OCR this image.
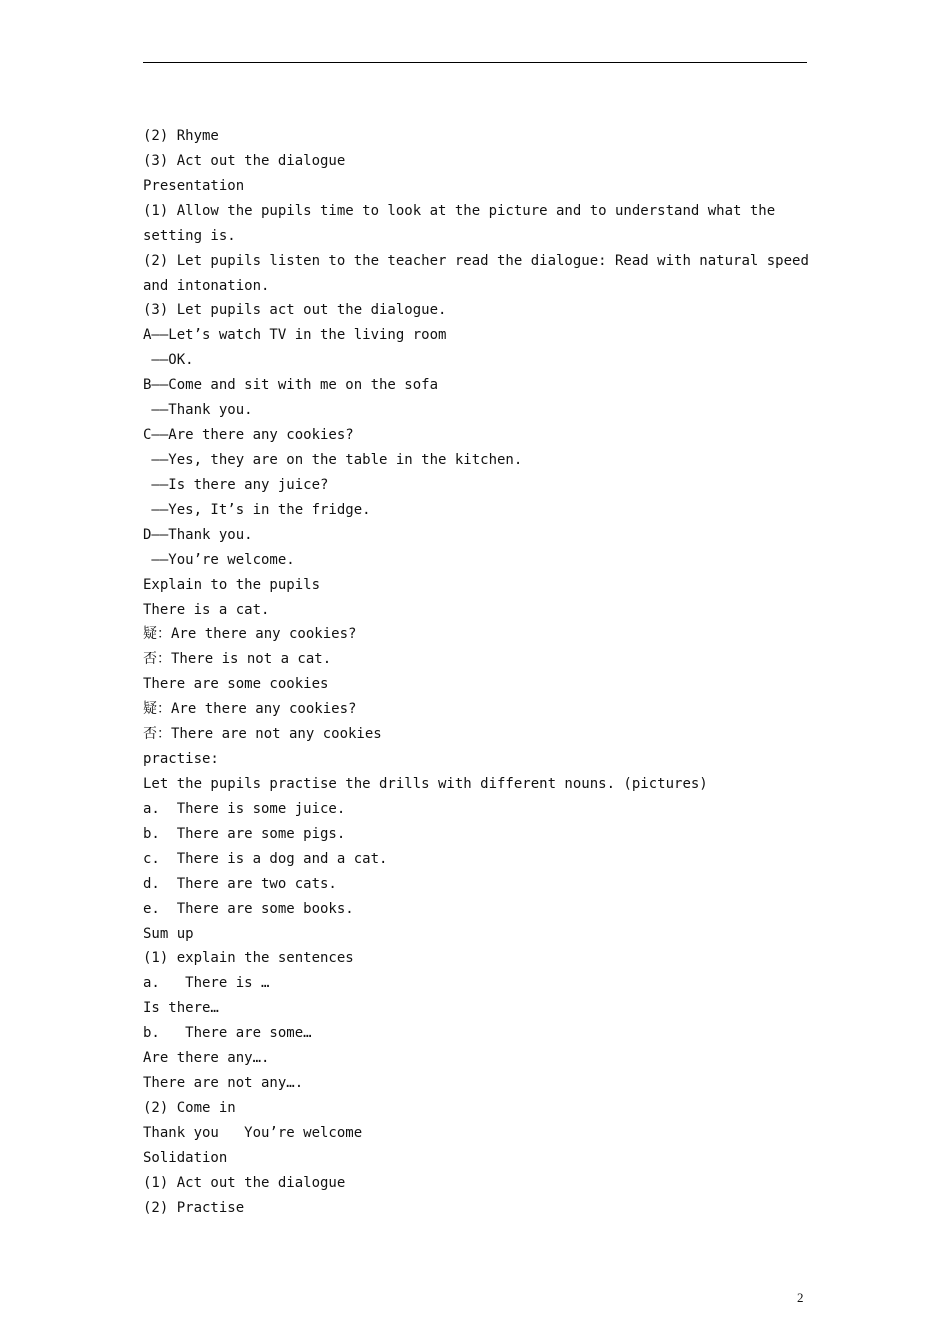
(2) Rhyme
(3) Act out the dialogue
Presentation
(1) Allow the pupils time to look at the picture and to understand what the
setting is.
(2) Let pupils listen to the teacher read the dialogue: Read with natural speed
and intonation.
(3) Let pupils act out the dialogue.
A——Let’s watch TV in the living room
——OK.
B——Come and sit with me on the sofa
——Thank you.
C——Are there any cookies?
——Yes, they are on the table in the kitchen.
——Is there any juice?
——Yes, It’s in the fridge.
D——Thank you.
——You’re welcome.
Explain to the pupils
There is a cat.
疑：Are there any cookies?
否：There is not a cat.
There are some cookies
疑：Are there any cookies?
否：There are not any cookies
practise:
Let the pupils practise the drills with different nouns. (pictures)
a.  There is some juice.
b.  There are some pigs.
c.  There is a dog and a cat.
d.  There are two cats.
e.  There are some books.
Sum up
(1) explain the sentences
a.   There is …
Is there…
b.   There are some…
Are there any….
There are not any….
(2) Come in
Thank you   You’re welcome
Solidation
(1) Act out the dialogue
(2) Practise
2
